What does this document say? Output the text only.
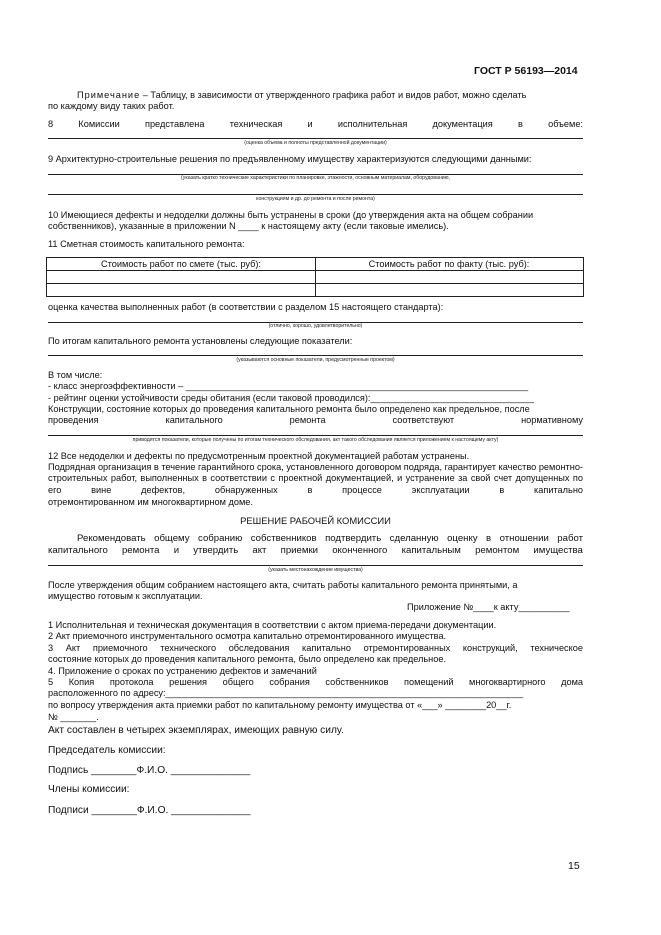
ГОСТ Р 56193—2014
Примечание – Таблицу, в зависимости от утвержденного графика работ и видов работ, можно сделать
по каждому виду таких работ.
8	Комиссии	представлена	техническая	и	исполнительная	документация	в	объеме:
(оценка объема и полноты представленной документации)
9 Архитектурно-строительные решения по предъявленному имуществу характеризуются следующими данными:
(указать кратко технические характеристики по планировке, этажности, основным материалам, оборудованию,
конструкциям и др. до ремонта и после ремонта)
10 Имеющиеся дефекты и недоделки должны быть устранены в сроки (до утверждения акта на общем собрании
собственников), указанные в приложении N ____ к настоящему акту (если таковые имелись).
11 Сметная стоимость капитального ремонта:
Стоимость работ по смете (тыс. руб):	Стоимость работ по факту (тыс. руб):
оценка качества выполненных работ (в соответствии с разделом 15 настоящего стандарта):
(отлично, хорошо, удовлетворительно)
По итогам капитального ремонта установлены следующие показатели:
(указываются основные показатели, предусмотренные проектом)
В том числе:
- класс энергоэффективности – ___________________________________________________________________
- рейтинг оценки устойчивости среды обитания (если таковой проводился):________________________________
Конструкции, состояние которых до проведения капитального ремонта было определено как предельное, после
проведения	капитального	ремонта	соответствуют	нормативному
приводятся показатели, которые получены по итогам технического обследования, акт такого обследования является приложением к настоящему акту)
12 Все недоделки и дефекты по предусмотренным проектной документацией работам устранены.
Подрядная организация в течение гарантийного срока, установленного договором подряда, гарантирует качество ремонтно-строительных работ, выполненных в соответствии с проектной документацией, и устранение за свой счет допущенных по его вине дефектов, обнаруженных в процессе эксплуатации в капитально
отремонтированном им многоквартирном доме.
РЕШЕНИЕ РАБОЧЕЙ КОМИССИИ
Рекомендовать общему собранию собственников подтвердить сделанную оценку в отношении работ
капитального ремонта и утвердить акт приемки оконченного капитальным ремонтом имущества
(указать местонахождение имущества)
После утверждения общим собранием настоящего акта, считать работы капитального ремонта принятыми, а
имущество готовым к эксплуатации.
Приложение №____к акту__________
1 Исполнительная и техническая документация в соответствии с актом приема-передачи документации.
2 Акт приемочного инструментального осмотра капитально отремонтированного имущества.
3 Акт приемочного технического обследования капитально отремонтированных конструкций, техническое
состояние которых до проведения капитального ремонта, было определено как предельное.
4. Приложение о сроках по устранению дефектов и замечаний
5 Копия протокола решения общего собрания собственников помещений многоквартирного дома
расположенного по адресу:______________________________________________________________________
по вопросу утверждения акта приемки работ по капитальному ремонту имущества от «___» ________20__г.
№ _______.
Акт составлен в четырех экземплярах, имеющих равную силу.
Председатель комиссии:
Подпись ________Ф.И.О. ______________
Члены комиссии:
Подписи ________Ф.И.О. ______________
15
